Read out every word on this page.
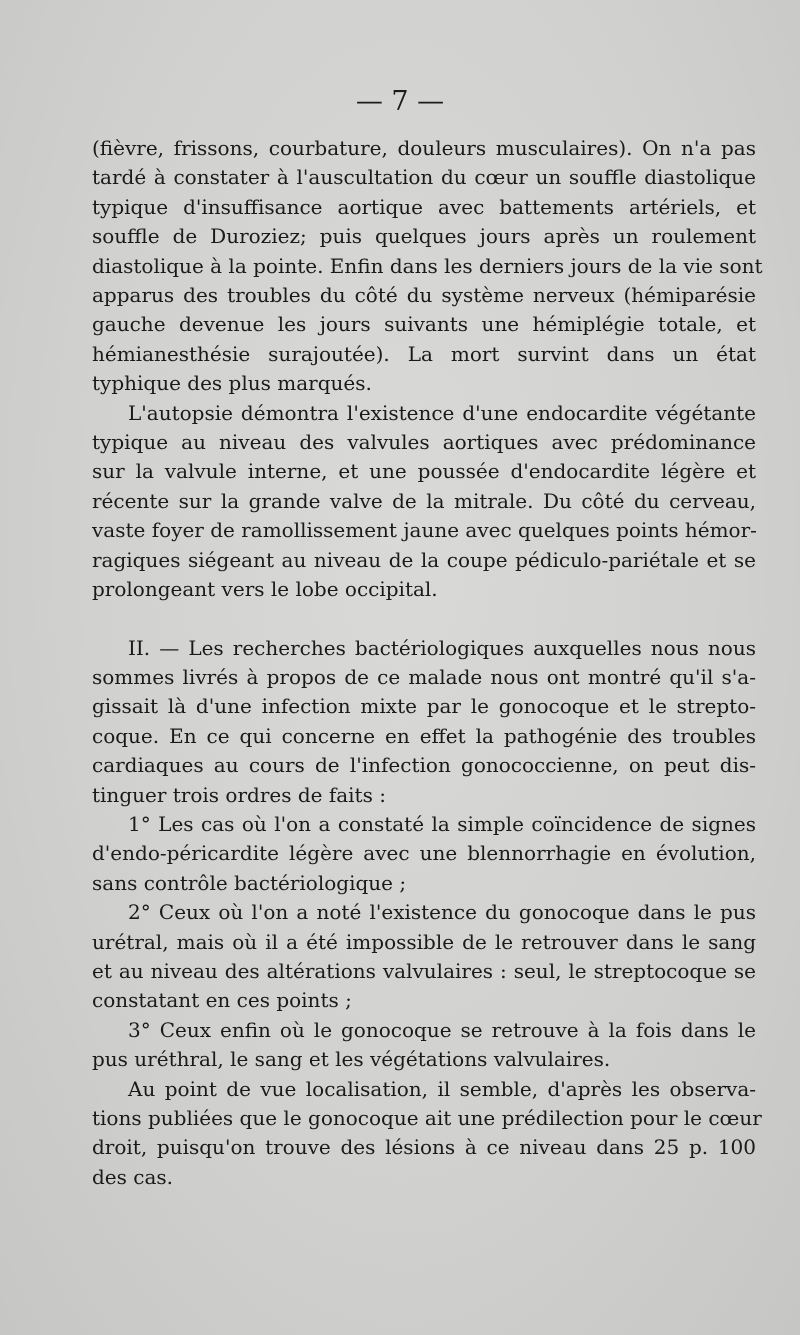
— 7 —

(fièvre, frissons, courbature, douleurs musculaires). On n'a pas
tardé à constater à l'auscultation du cœur un souffle diastolique
typique d'insuffisance aortique avec battements artériels, et
souffle de Duroziez; puis quelques jours après un roulement
diastolique à la pointe. Enfin dans les derniers jours de la vie sont
apparus des troubles du côté du système nerveux (hémiparésie
gauche devenue les jours suivants une hémiplégie totale, et
hémianesthésie surajoutée). La mort survint dans un état
typhique des plus marqués.

L'autopsie démontra l'existence d'une endocardite végétante
typique au niveau des valvules aortiques avec prédominance
sur la valvule interne, et une poussée d'endocardite légère et
récente sur la grande valve de la mitrale. Du côté du cerveau,
vaste foyer de ramollissement jaune avec quelques points hémor-
ragiques siégeant au niveau de la coupe pédiculo-pariétale et se
prolongeant vers le lobe occipital.

II. — Les recherches bactériologiques auxquelles nous nous
sommes livrés à propos de ce malade nous ont montré qu'il s'a-
gissait là d'une infection mixte par le gonocoque et le strepto-
coque. En ce qui concerne en effet la pathogénie des troubles
cardiaques au cours de l'infection gonococcienne, on peut dis-
tinguer trois ordres de faits :

1° Les cas où l'on a constaté la simple coïncidence de signes
d'endo-péricardite légère avec une blennorrhagie en évolution,
sans contrôle bactériologique ;

2° Ceux où l'on a noté l'existence du gonocoque dans le pus
urétral, mais où il a été impossible de le retrouver dans le sang
et au niveau des altérations valvulaires : seul, le streptocoque se
constatant en ces points ;

3° Ceux enfin où le gonocoque se retrouve à la fois dans le
pus uréthral, le sang et les végétations valvulaires.

Au point de vue localisation, il semble, d'après les observa-
tions publiées que le gonocoque ait une prédilection pour le cœur
droit, puisqu'on trouve des lésions à ce niveau dans 25 p. 100
des cas.
